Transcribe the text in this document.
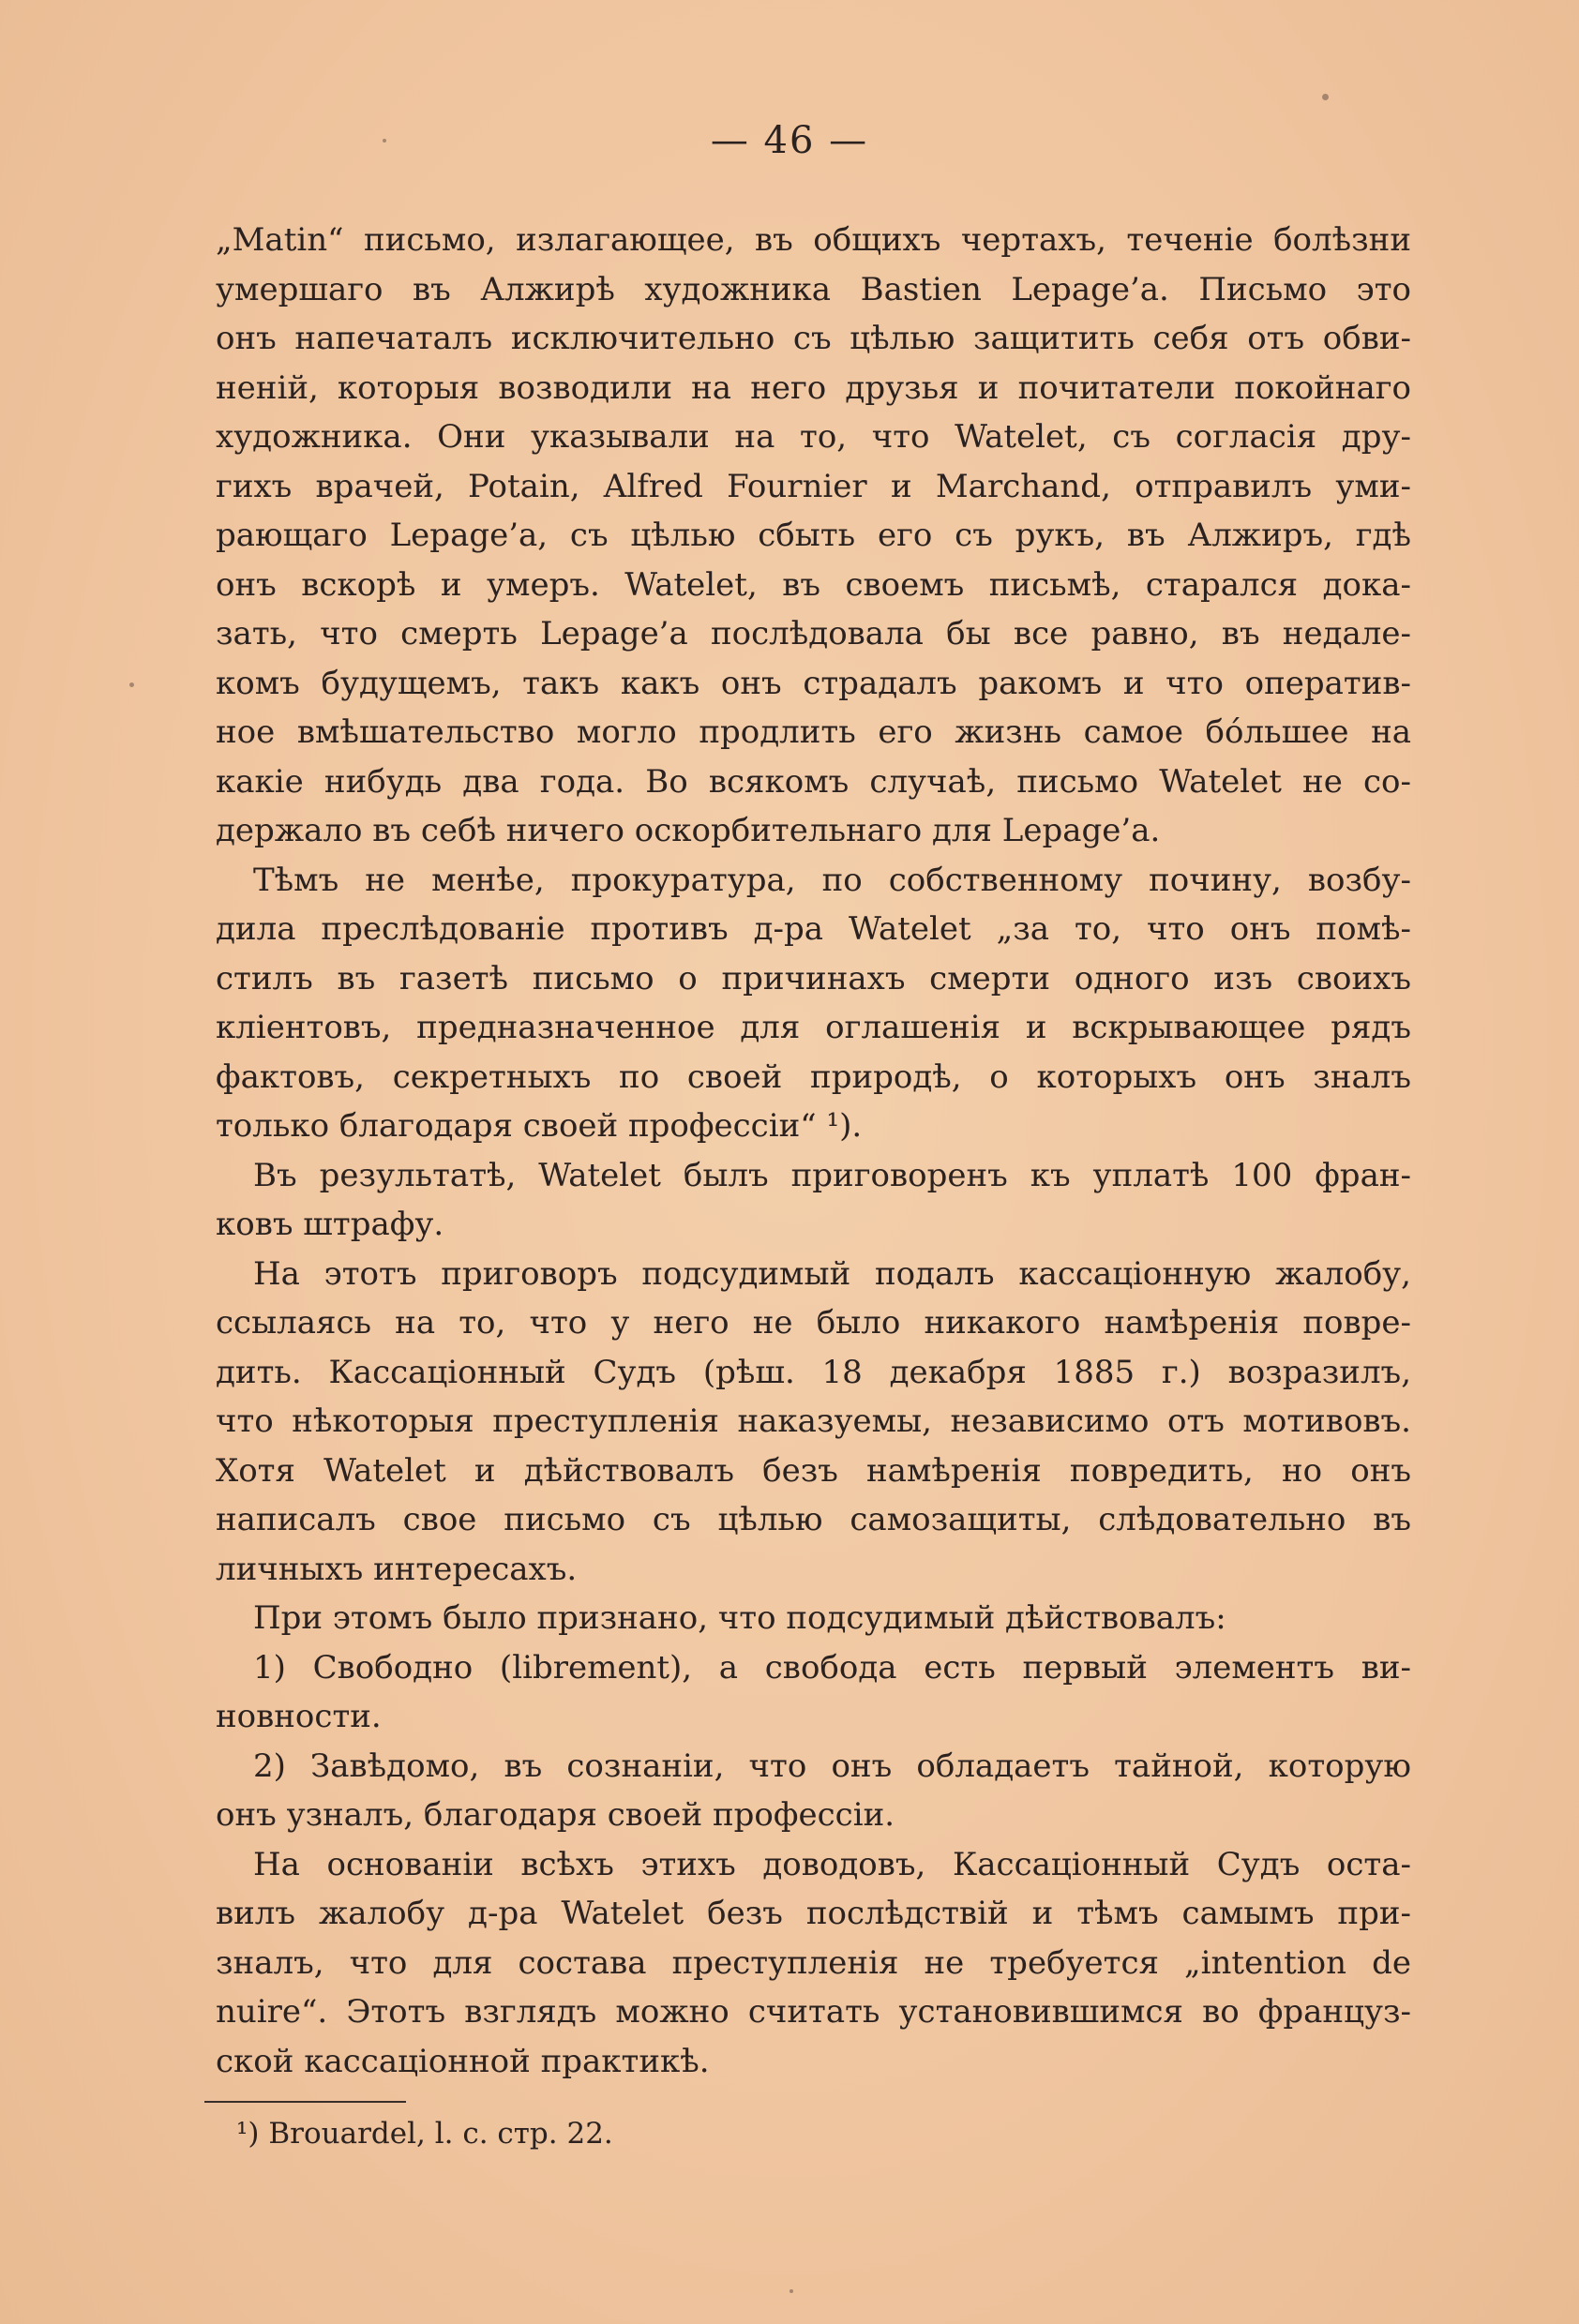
— 46 —
„Matin“ письмо, излагающее, въ общихъ чертахъ, теченіе болѣзни
умершаго въ Алжирѣ художника Bastien Lepage’а. Письмо это
онъ напечаталъ исключительно съ цѣлью защитить себя отъ обви-
неній, которыя возводили на него друзья и почитатели покойнаго
художника. Они указывали на то, что Watelet, съ согласія дру-
гихъ врачей, Potain, Alfred Fournier и Marchand, отправилъ уми-
рающаго Lepage’а, съ цѣлью сбыть его съ рукъ, въ Алжиръ, гдѣ
онъ вскорѣ и умеръ. Watelet, въ своемъ письмѣ, старался дока-
зать, что смерть Lepage’а послѣдовала бы все равно, въ недале-
комъ будущемъ, такъ какъ онъ страдалъ ракомъ и что оператив-
ное вмѣшательство могло продлить его жизнь самое бóльшее на
какіе нибудь два года. Во всякомъ случаѣ, письмо Watelet не со-
держало въ себѣ ничего оскорбительнаго для Lepage’а.
Тѣмъ не менѣе, прокуратура, по собственному почину, возбу-
дила преслѣдованіе противъ д-ра Watelet „за то, что онъ помѣ-
стилъ въ газетѣ письмо о причинахъ смерти одного изъ своихъ
кліентовъ, предназначенное для оглашенія и вскрывающее рядъ
фактовъ, секретныхъ по своей природѣ, о которыхъ онъ зналъ
только благодаря своей профессіи“ ¹).
Въ результатѣ, Watelet былъ приговоренъ къ уплатѣ 100 фран-
ковъ штрафу.
На этотъ приговоръ подсудимый подалъ кассаціонную жалобу,
ссылаясь на то, что у него не было никакого намѣренія повре-
дить. Кассаціонный Судъ (рѣш. 18 декабря 1885 г.) возразилъ,
что нѣкоторыя преступленія наказуемы, независимо отъ мотивовъ.
Хотя Watelet и дѣйствовалъ безъ намѣренія повредить, но онъ
написалъ свое письмо съ цѣлью самозащиты, слѣдовательно въ
личныхъ интересахъ.
При этомъ было признано, что подсудимый дѣйствовалъ:
1) Свободно (librement), а свобода есть первый элементъ ви-
новности.
2) Завѣдомо, въ сознаніи, что онъ обладаетъ тайной, которую
онъ узналъ, благодаря своей профессіи.
На основаніи всѣхъ этихъ доводовъ, Кассаціонный Судъ оста-
вилъ жалобу д-ра Watelet безъ послѣдствій и тѣмъ самымъ при-
зналъ, что для состава преступленія не требуется „intention de
nuire“. Этотъ взглядъ можно считать установившимся во француз-
ской кассаціонной практикѣ.
¹) Brouardel, l. c. стр. 22.
